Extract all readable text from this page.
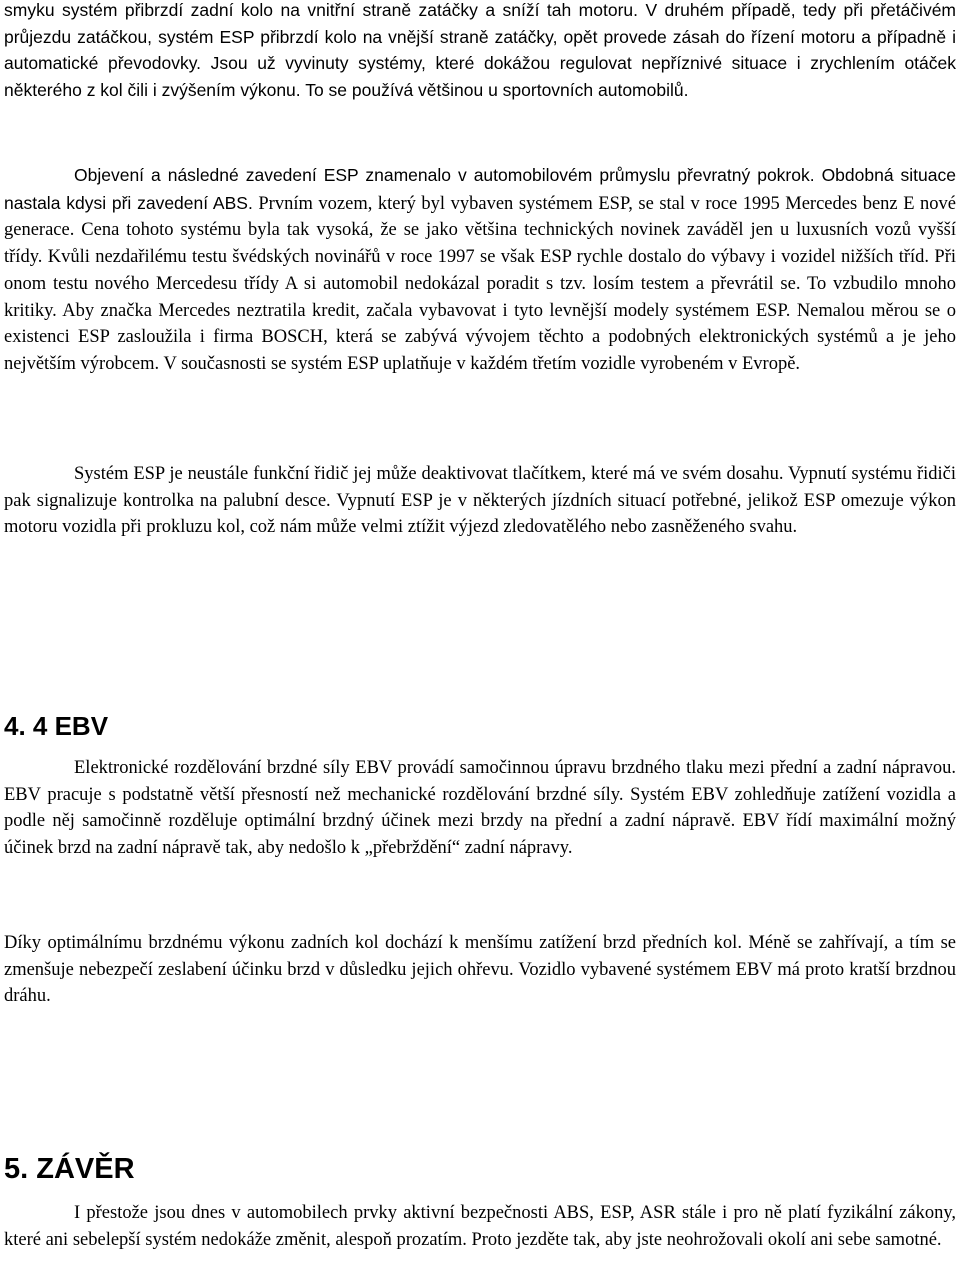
smyku systém přibrzdí zadní kolo na vnitřní straně zatáčky a sníží tah motoru. V druhém případě, tedy při přetáčivém průjezdu zatáčkou, systém ESP přibrzdí kolo na vnější straně zatáčky, opět provede zásah do řízení motoru a případně i automatické převodovky. Jsou už vyvinuty systémy, které dokážou regulovat nepříznivé situace i zrychlením otáček některého z kol čili i zvýšením výkonu. To se používá většinou u sportovních automobilů.

Objevení a následné zavedení ESP znamenalo v automobilovém průmyslu převratný pokrok. Obdobná situace nastala kdysi při zavedení ABS. Prvním vozem, který byl vybaven systémem ESP, se stal v roce 1995 Mercedes benz E nové generace. Cena tohoto systému byla tak vysoká, že se jako většina technických novinek zaváděl jen u luxusních vozů vyšší třídy. Kvůli nezdařilému testu švédských novinářů v roce 1997 se však ESP rychle dostalo do výbavy i vozidel nižších tříd. Při onom testu nového Mercedesu třídy A si automobil nedokázal poradit s tzv. losím testem a převrátil se. To vzbudilo mnoho kritiky. Aby značka Mercedes neztratila kredit, začala vybavovat i tyto levnější modely systémem ESP. Nemalou měrou se o existenci ESP zasloužila i firma BOSCH, která se zabývá vývojem těchto a podobných elektronických systémů a je jeho největším výrobcem. V současnosti se systém ESP uplatňuje v každém třetím vozidle vyrobeném v Evropě.

Systém ESP je neustále funkční řidič jej může deaktivovat tlačítkem, které má ve svém dosahu. Vypnutí systému řidiči pak signalizuje kontrolka na palubní desce. Vypnutí ESP je v některých jízdních situací potřebné, jelikož ESP omezuje výkon motoru vozidla při prokluzu kol, což nám může velmi ztížit výjezd zledovatělého nebo zasněženého svahu.

4. 4 EBV

Elektronické rozdělování brzdné síly EBV provádí samočinnou úpravu brzdného tlaku mezi přední a zadní nápravou. EBV pracuje s podstatně větší přesností než mechanické rozdělování brzdné síly. Systém EBV zohledňuje zatížení vozidla a podle něj samočinně rozděluje optimální brzdný účinek mezi brzdy na přední a zadní nápravě. EBV řídí maximální možný účinek brzd na zadní nápravě tak, aby nedošlo k „přebrždění“ zadní nápravy.

Díky optimálnímu brzdnému výkonu zadních kol dochází k menšímu zatížení brzd předních kol. Méně se zahřívají, a tím se zmenšuje nebezpečí zeslabení účinku brzd v důsledku jejich ohřevu. Vozidlo vybavené systémem EBV má proto kratší brzdnou dráhu.

5. ZÁVĚR

I přestože jsou dnes v automobilech prvky aktivní bezpečnosti ABS, ESP, ASR stále i pro ně platí fyzikální zákony, které ani sebelepší systém nedokáže změnit, alespoň prozatím. Proto jezděte tak, aby jste neohrožovali okolí ani sebe samotné.
